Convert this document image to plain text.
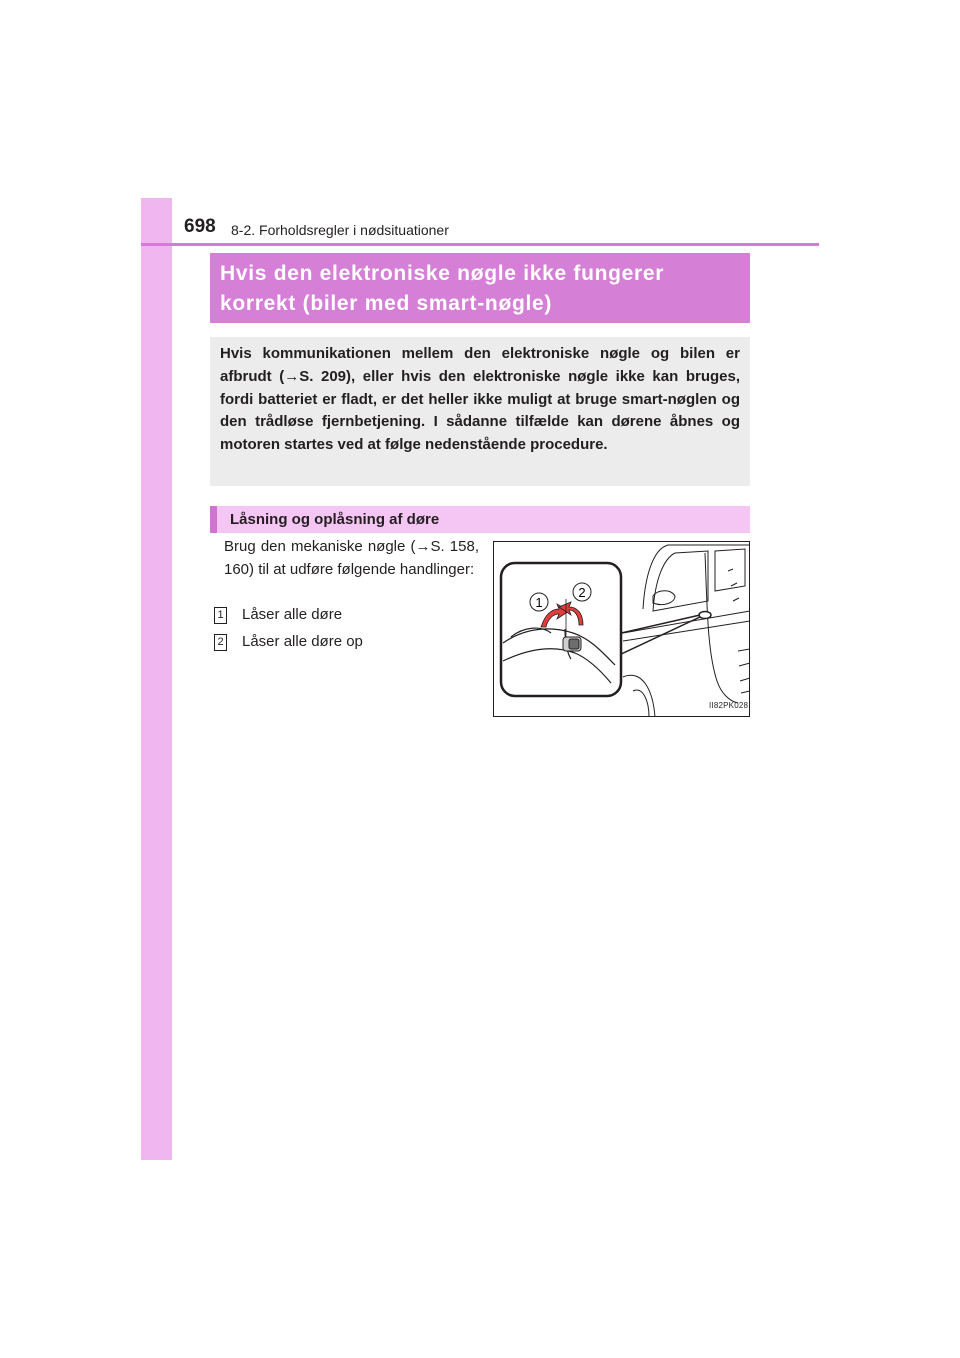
698 8-2. Forholdsregler i nødsituationer
Hvis den elektroniske nøgle ikke fungerer
korrekt (biler med smart-nøgle)
Hvis kommunikationen mellem den elektroniske nøgle og bilen er afbrudt (→S. 209), eller hvis den elektroniske nøgle ikke kan bruges, fordi batteriet er fladt, er det heller ikke muligt at bruge smart-nøglen og den trådløse fjernbetjening. I sådanne tilfælde kan dørene åbnes og motoren startes ved at følge nedenstående procedure.
Låsning og oplåsning af døre
Brug den mekaniske nøgle (→S. 158, 160) til at udføre følgende handlinger:
1 Låser alle døre
2 Låser alle døre op
1
2
II82PK028
